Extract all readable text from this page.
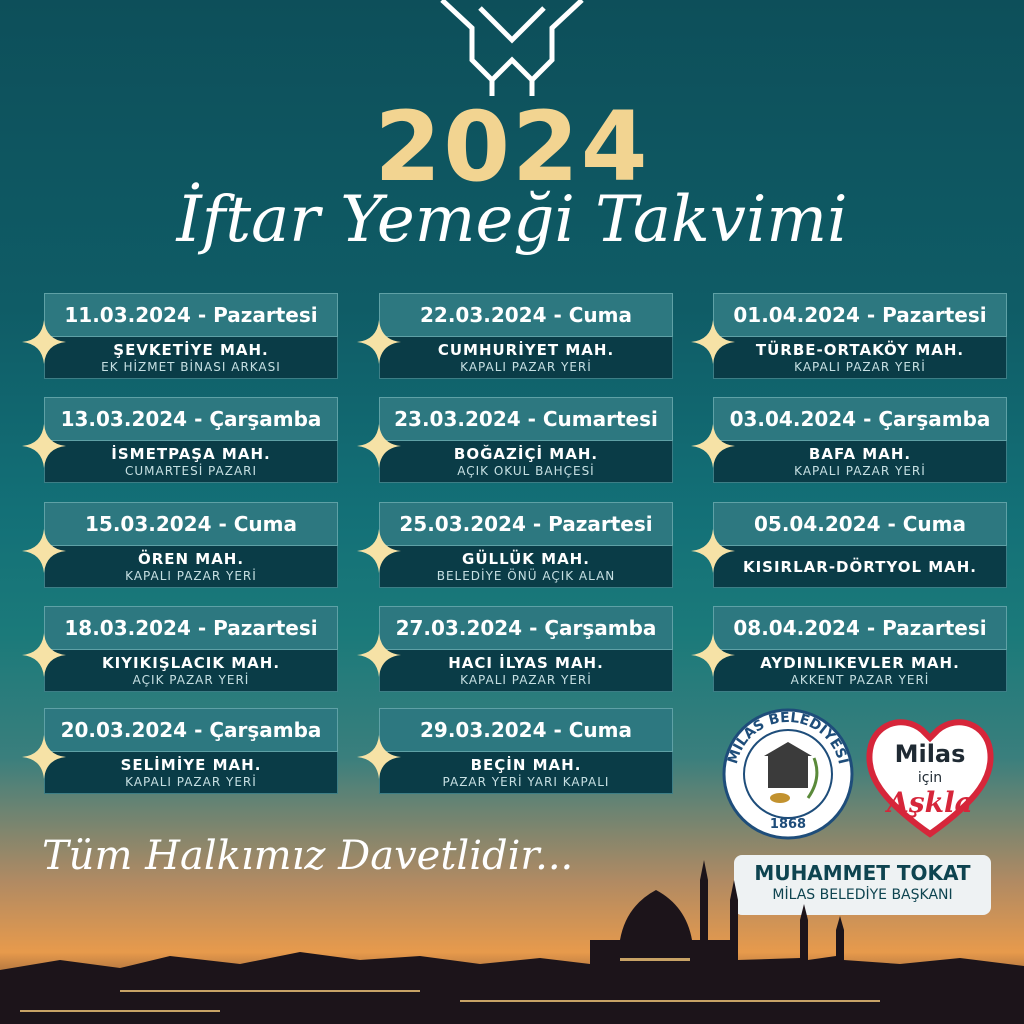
2024
İftar Yemeği Takvimi
11.03.2024 - Pazartesi
ŞEVKETİYE MAH.
EK HİZMET BİNASI ARKASI
13.03.2024 - Çarşamba
İSMETPAŞA MAH.
CUMARTESİ PAZARI
15.03.2024 - Cuma
ÖREN MAH.
KAPALI PAZAR YERİ
18.03.2024 - Pazartesi
KIYIKIŞLACIK MAH.
AÇIK PAZAR YERİ
20.03.2024 - Çarşamba
SELİMİYE MAH.
KAPALI PAZAR YERİ
22.03.2024 - Cuma
CUMHURİYET MAH.
KAPALI PAZAR YERİ
23.03.2024 - Cumartesi
BOĞAZİÇİ MAH.
AÇIK OKUL BAHÇESİ
25.03.2024 - Pazartesi
GÜLLÜK MAH.
BELEDİYE ÖNÜ AÇIK ALAN
27.03.2024 - Çarşamba
HACI İLYAS MAH.
KAPALI PAZAR YERİ
29.03.2024 - Cuma
BEÇİN MAH.
PAZAR YERİ YARI KAPALI
01.04.2024 - Pazartesi
TÜRBE-ORTAKÖY MAH.
KAPALI PAZAR YERİ
03.04.2024 - Çarşamba
BAFA MAH.
KAPALI PAZAR YERİ
05.04.2024 - Cuma
KISIRLAR-DÖRTYOL MAH.
08.04.2024 - Pazartesi
AYDINLIKEVLER MAH.
AKKENT PAZAR YERİ
Tüm Halkımız Davetlidir...
MİLAS BELEDİYESİ
1868
Milas
için
Aşkla
MUHAMMET TOKAT
MİLAS BELEDİYE BAŞKANI
